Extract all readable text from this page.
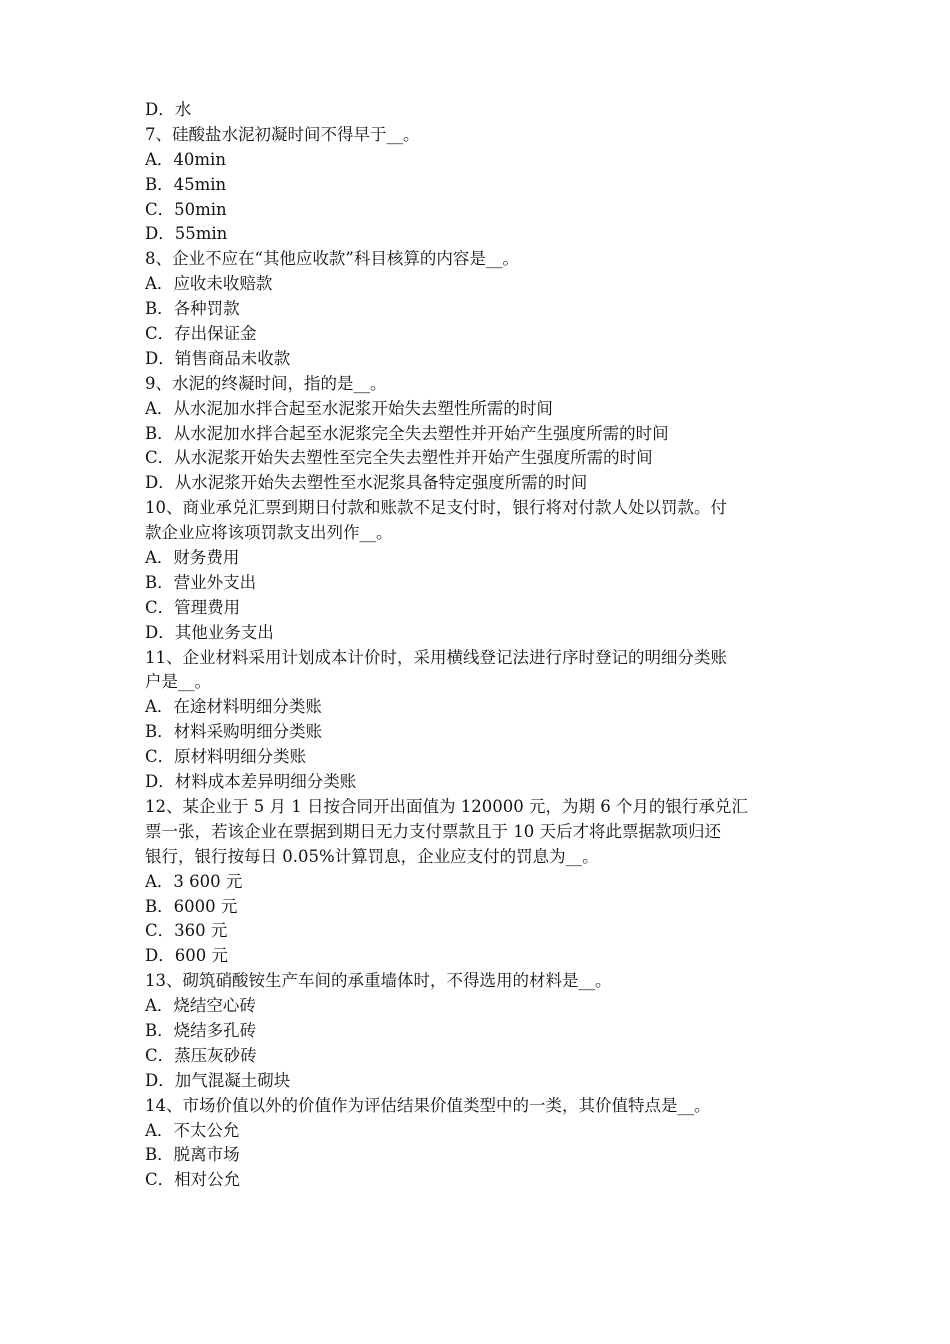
D．水
7、硅酸盐水泥初凝时间不得早于__。
A．40min
B．45min
C．50min
D．55min
8、企业不应在“其他应收款”科目核算的内容是__。
A．应收未收赔款
B．各种罚款
C．存出保证金
D．销售商品未收款
9、水泥的终凝时间，指的是__。
A．从水泥加水拌合起至水泥浆开始失去塑性所需的时间
B．从水泥加水拌合起至水泥浆完全失去塑性并开始产生强度所需的时间
C．从水泥浆开始失去塑性至完全失去塑性并开始产生强度所需的时间
D．从水泥浆开始失去塑性至水泥浆具备特定强度所需的时间
10、商业承兑汇票到期日付款和账款不足支付时，银行将对付款人处以罚款。付
款企业应将该项罚款支出列作__。
A．财务费用
B．营业外支出
C．管理费用
D．其他业务支出
11、企业材料采用计划成本计价时，采用横线登记法进行序时登记的明细分类账
户是__。
A．在途材料明细分类账
B．材料采购明细分类账
C．原材料明细分类账
D．材料成本差异明细分类账
12、某企业于 5 月 1 日按合同开出面值为 120000 元，为期 6 个月的银行承兑汇
票一张，若该企业在票据到期日无力支付票款且于 10 天后才将此票据款项归还
银行，银行按每日 0.05%计算罚息，企业应支付的罚息为__。
A．3 600 元
B．6000 元
C．360 元
D．600 元
13、砌筑硝酸铵生产车间的承重墙体时，不得选用的材料是__。
A．烧结空心砖
B．烧结多孔砖
C．蒸压灰砂砖
D．加气混凝土砌块
14、市场价值以外的价值作为评估结果价值类型中的一类，其价值特点是__。
A．不太公允
B．脱离市场
C．相对公允
